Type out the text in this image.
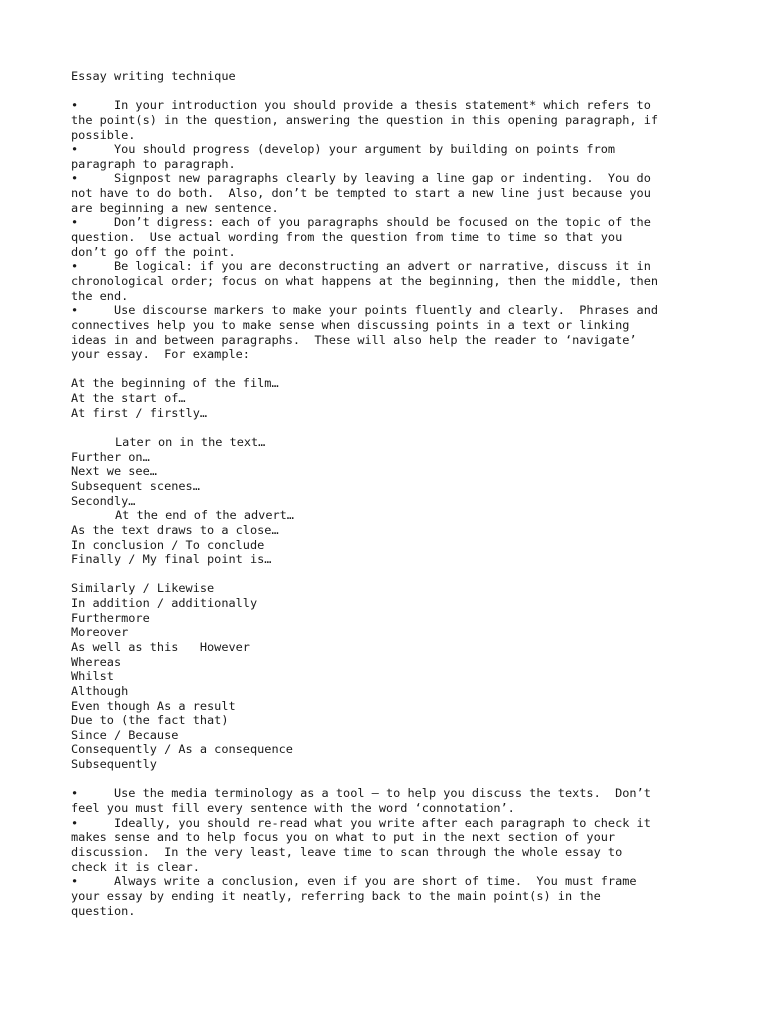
Essay writing technique
•     In your introduction you should provide a thesis statement* which refers to
the point(s) in the question, answering the question in this opening paragraph, if
possible.
•     You should progress (develop) your argument by building on points from
paragraph to paragraph.
•     Signpost new paragraphs clearly by leaving a line gap or indenting.  You do
not have to do both.  Also, don’t be tempted to start a new line just because you
are beginning a new sentence.
•     Don’t digress: each of you paragraphs should be focused on the topic of the
question.  Use actual wording from the question from time to time so that you
don’t go off the point.
•     Be logical: if you are deconstructing an advert or narrative, discuss it in
chronological order; focus on what happens at the beginning, then the middle, then
the end.
•     Use discourse markers to make your points fluently and clearly.  Phrases and
connectives help you to make sense when discussing points in a text or linking
ideas in and between paragraphs.  These will also help the reader to ‘navigate’
your essay.  For example:
At the beginning of the film…
At the start of…
At first / firstly…
Later on in the text…
Further on…
Next we see…
Subsequent scenes…
Secondly…
At the end of the advert…
As the text draws to a close…
In conclusion / To conclude
Finally / My final point is…
Similarly / Likewise
In addition / additionally
Furthermore
Moreover
As well as this   However
Whereas
Whilst
Although
Even though As a result
Due to (the fact that)
Since / Because
Consequently / As a consequence
Subsequently
•     Use the media terminology as a tool – to help you discuss the texts.  Don’t
feel you must fill every sentence with the word ‘connotation’.
•     Ideally, you should re-read what you write after each paragraph to check it
makes sense and to help focus you on what to put in the next section of your
discussion.  In the very least, leave time to scan through the whole essay to
check it is clear.
•     Always write a conclusion, even if you are short of time.  You must frame
your essay by ending it neatly, referring back to the main point(s) in the
question.
